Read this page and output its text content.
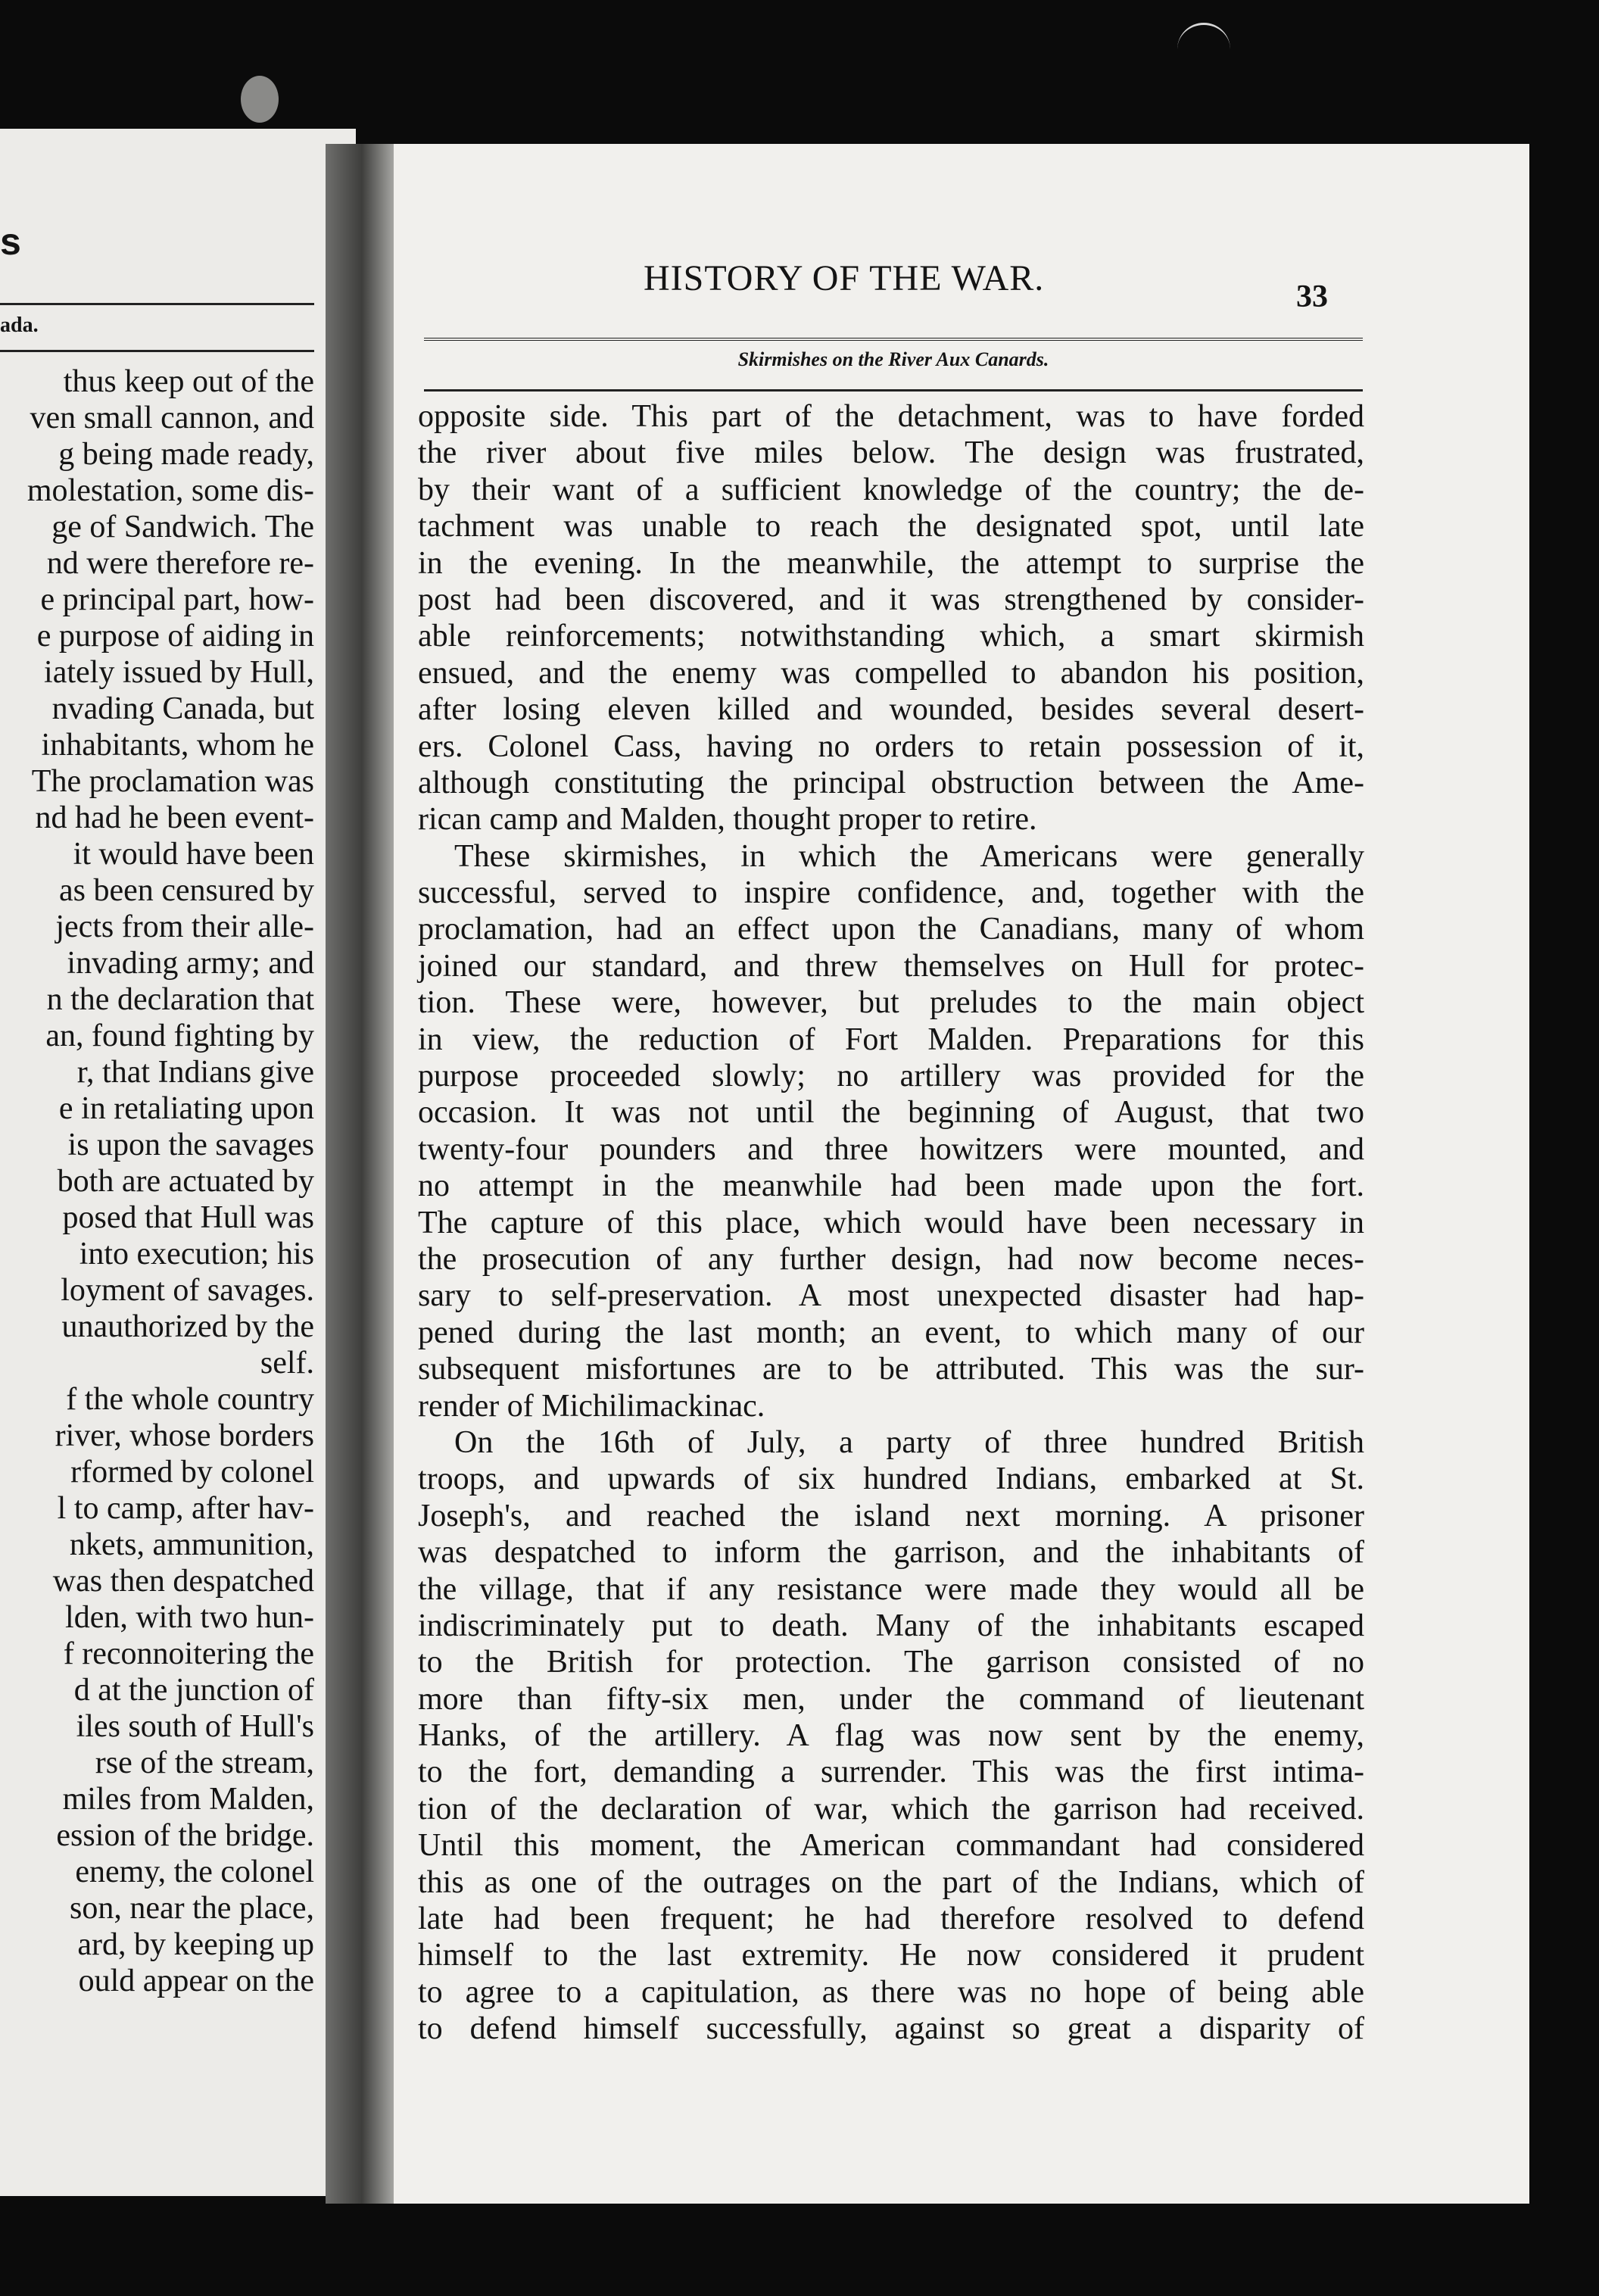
s
ada.
thus keep out of the
ven small cannon, and
g being made ready,
molestation, some dis-
ge of Sandwich. The
nd were therefore re-
e principal part, how-
e purpose of aiding in
iately issued by Hull,
nvading Canada, but
inhabitants, whom he
The proclamation was
nd had he been event-
it would have been
as been censured by
jects from their alle-
invading army; and
n the declaration that
an, found fighting by
r, that Indians give
e in retaliating upon
is upon the savages
both are actuated by
posed that Hull was
into execution; his
loyment of savages.
unauthorized by the
self.
f the whole country
river, whose borders
rformed by colonel
l to camp, after hav-
nkets, ammunition,
was then despatched
lden, with two hun-
f reconnoitering the
d at the junction of
iles south of Hull's
rse of the stream,
miles from Malden,
ession of the bridge.
enemy, the colonel
son, near the place,
ard, by keeping up
ould appear on the
HISTORY OF THE WAR.	33
Skirmishes on the River Aux Canards.
opposite side. This part of the detachment, was to have forded
the river about five miles below. The design was frustrated,
by their want of a sufficient knowledge of the country; the de-
tachment was unable to reach the designated spot, until late
in the evening. In the meanwhile, the attempt to surprise the
post had been discovered, and it was strengthened by consider-
able reinforcements; notwithstanding which, a smart skirmish
ensued, and the enemy was compelled to abandon his position,
after losing eleven killed and wounded, besides several desert-
ers. Colonel Cass, having no orders to retain possession of it,
although constituting the principal obstruction between the Ame-
rican camp and Malden, thought proper to retire.
These skirmishes, in which the Americans were generally
successful, served to inspire confidence, and, together with the
proclamation, had an effect upon the Canadians, many of whom
joined our standard, and threw themselves on Hull for protec-
tion. These were, however, but preludes to the main object
in view, the reduction of Fort Malden. Preparations for this
purpose proceeded slowly; no artillery was provided for the
occasion. It was not until the beginning of August, that two
twenty-four pounders and three howitzers were mounted, and
no attempt in the meanwhile had been made upon the fort.
The capture of this place, which would have been necessary in
the prosecution of any further design, had now become neces-
sary to self-preservation. A most unexpected disaster had hap-
pened during the last month; an event, to which many of our
subsequent misfortunes are to be attributed. This was the sur-
render of Michilimackinac.
On the 16th of July, a party of three hundred British
troops, and upwards of six hundred Indians, embarked at St.
Joseph's, and reached the island next morning. A prisoner
was despatched to inform the garrison, and the inhabitants of
the village, that if any resistance were made they would all be
indiscriminately put to death. Many of the inhabitants escaped
to the British for protection. The garrison consisted of no
more than fifty-six men, under the command of lieutenant
Hanks, of the artillery. A flag was now sent by the enemy,
to the fort, demanding a surrender. This was the first intima-
tion of the declaration of war, which the garrison had received.
Until this moment, the American commandant had considered
this as one of the outrages on the part of the Indians, which of
late had been frequent; he had therefore resolved to defend
himself to the last extremity. He now considered it prudent
to agree to a capitulation, as there was no hope of being able
to defend himself successfully, against so great a disparity of
